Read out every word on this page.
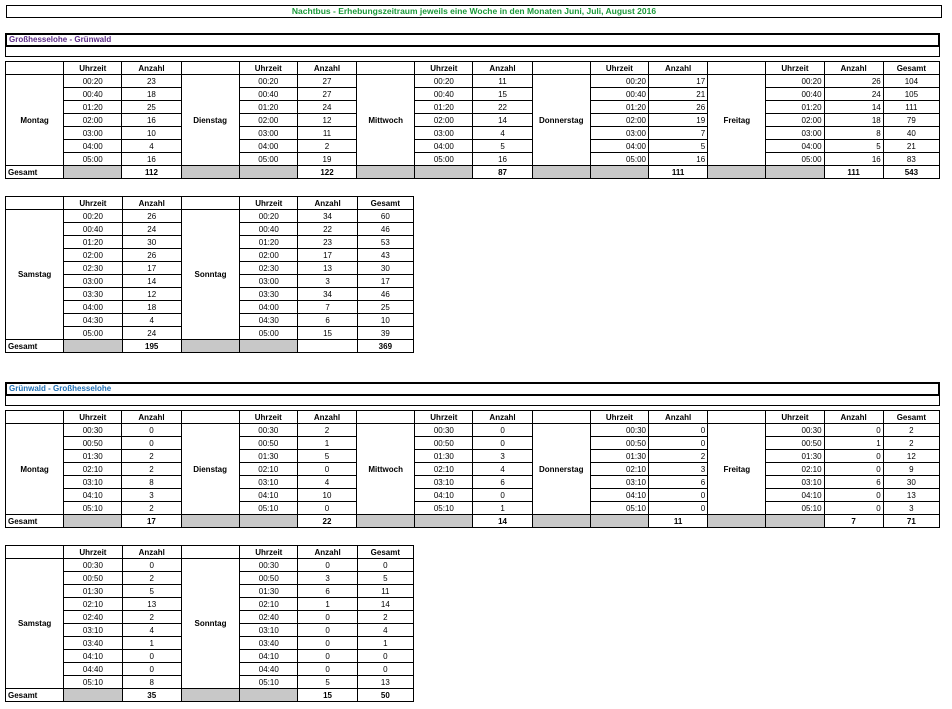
Nachtbus - Erhebungszeitraum jeweils eine Woche in den Monaten Juni, Juli, August 2016
Großhesselohe - Grünwald
	Uhrzeit	Anzahl		Uhrzeit	Anzahl		Uhrzeit	Anzahl		Uhrzeit	Anzahl		Uhrzeit	Anzahl	Gesamt
Montag	00:20	23	Dienstag	00:20	27	Mittwoch	00:20	11	Donnerstag	00:20	17	Freitag	00:20	26	104
	00:40	18		00:40	27		00:40	15		00:40	21		00:40	24	105
	01:20	25		01:20	24		01:20	22		01:20	26		01:20	14	111
	02:00	16		02:00	12		02:00	14		02:00	19		02:00	18	79
	03:00	10		03:00	11		03:00	4		03:00	7		03:00	8	40
	04:00	4		04:00	2		04:00	5		04:00	5		04:00	5	21
	05:00	16		05:00	19		05:00	16		05:00	16		05:00	16	83
Gesamt		112			122			87			111			111	543
	Uhrzeit	Anzahl		Uhrzeit	Anzahl	Gesamt
Samstag	00:20	26	Sonntag	00:20	34	60
	00:40	24		00:40	22	46
	01:20	30		01:20	23	53
	02:00	26		02:00	17	43
	02:30	17		02:30	13	30
	03:00	14		03:00	3	17
	03:30	12		03:30	34	46
	04:00	18		04:00	7	25
	04:30	4		04:30	6	10
	05:00	24		05:00	15	39
Gesamt		195				369
Grünwald - Großhesselohe
	Uhrzeit	Anzahl		Uhrzeit	Anzahl		Uhrzeit	Anzahl		Uhrzeit	Anzahl		Uhrzeit	Anzahl	Gesamt
Montag	00:30	0	Dienstag	00:30	2	Mittwoch	00:30	0	Donnerstag	00:30	0	Freitag	00:30	0	2
	00:50	0		00:50	1		00:50	0		00:50	0		00:50	1	2
	01:30	2		01:30	5		01:30	3		01:30	2		01:30	0	12
	02:10	2		02:10	0		02:10	4		02:10	3		02:10	0	9
	03:10	8		03:10	4		03:10	6		03:10	6		03:10	6	30
	04:10	3		04:10	10		04:10	0		04:10	0		04:10	0	13
	05:10	2		05:10	0		05:10	1		05:10	0		05:10	0	3
Gesamt		17			22			14			11			7	71
	Uhrzeit	Anzahl		Uhrzeit	Anzahl	Gesamt
Samstag	00:30	0	Sonntag	00:30	0	0
	00:50	2		00:50	3	5
	01:30	5		01:30	6	11
	02:10	13		02:10	1	14
	02:40	2		02:40	0	2
	03:10	4		03:10	0	4
	03:40	1		03:40	0	1
	04:10	0		04:10	0	0
	04:40	0		04:40	0	0
	05:10	8		05:10	5	13
Gesamt		35			15	50
